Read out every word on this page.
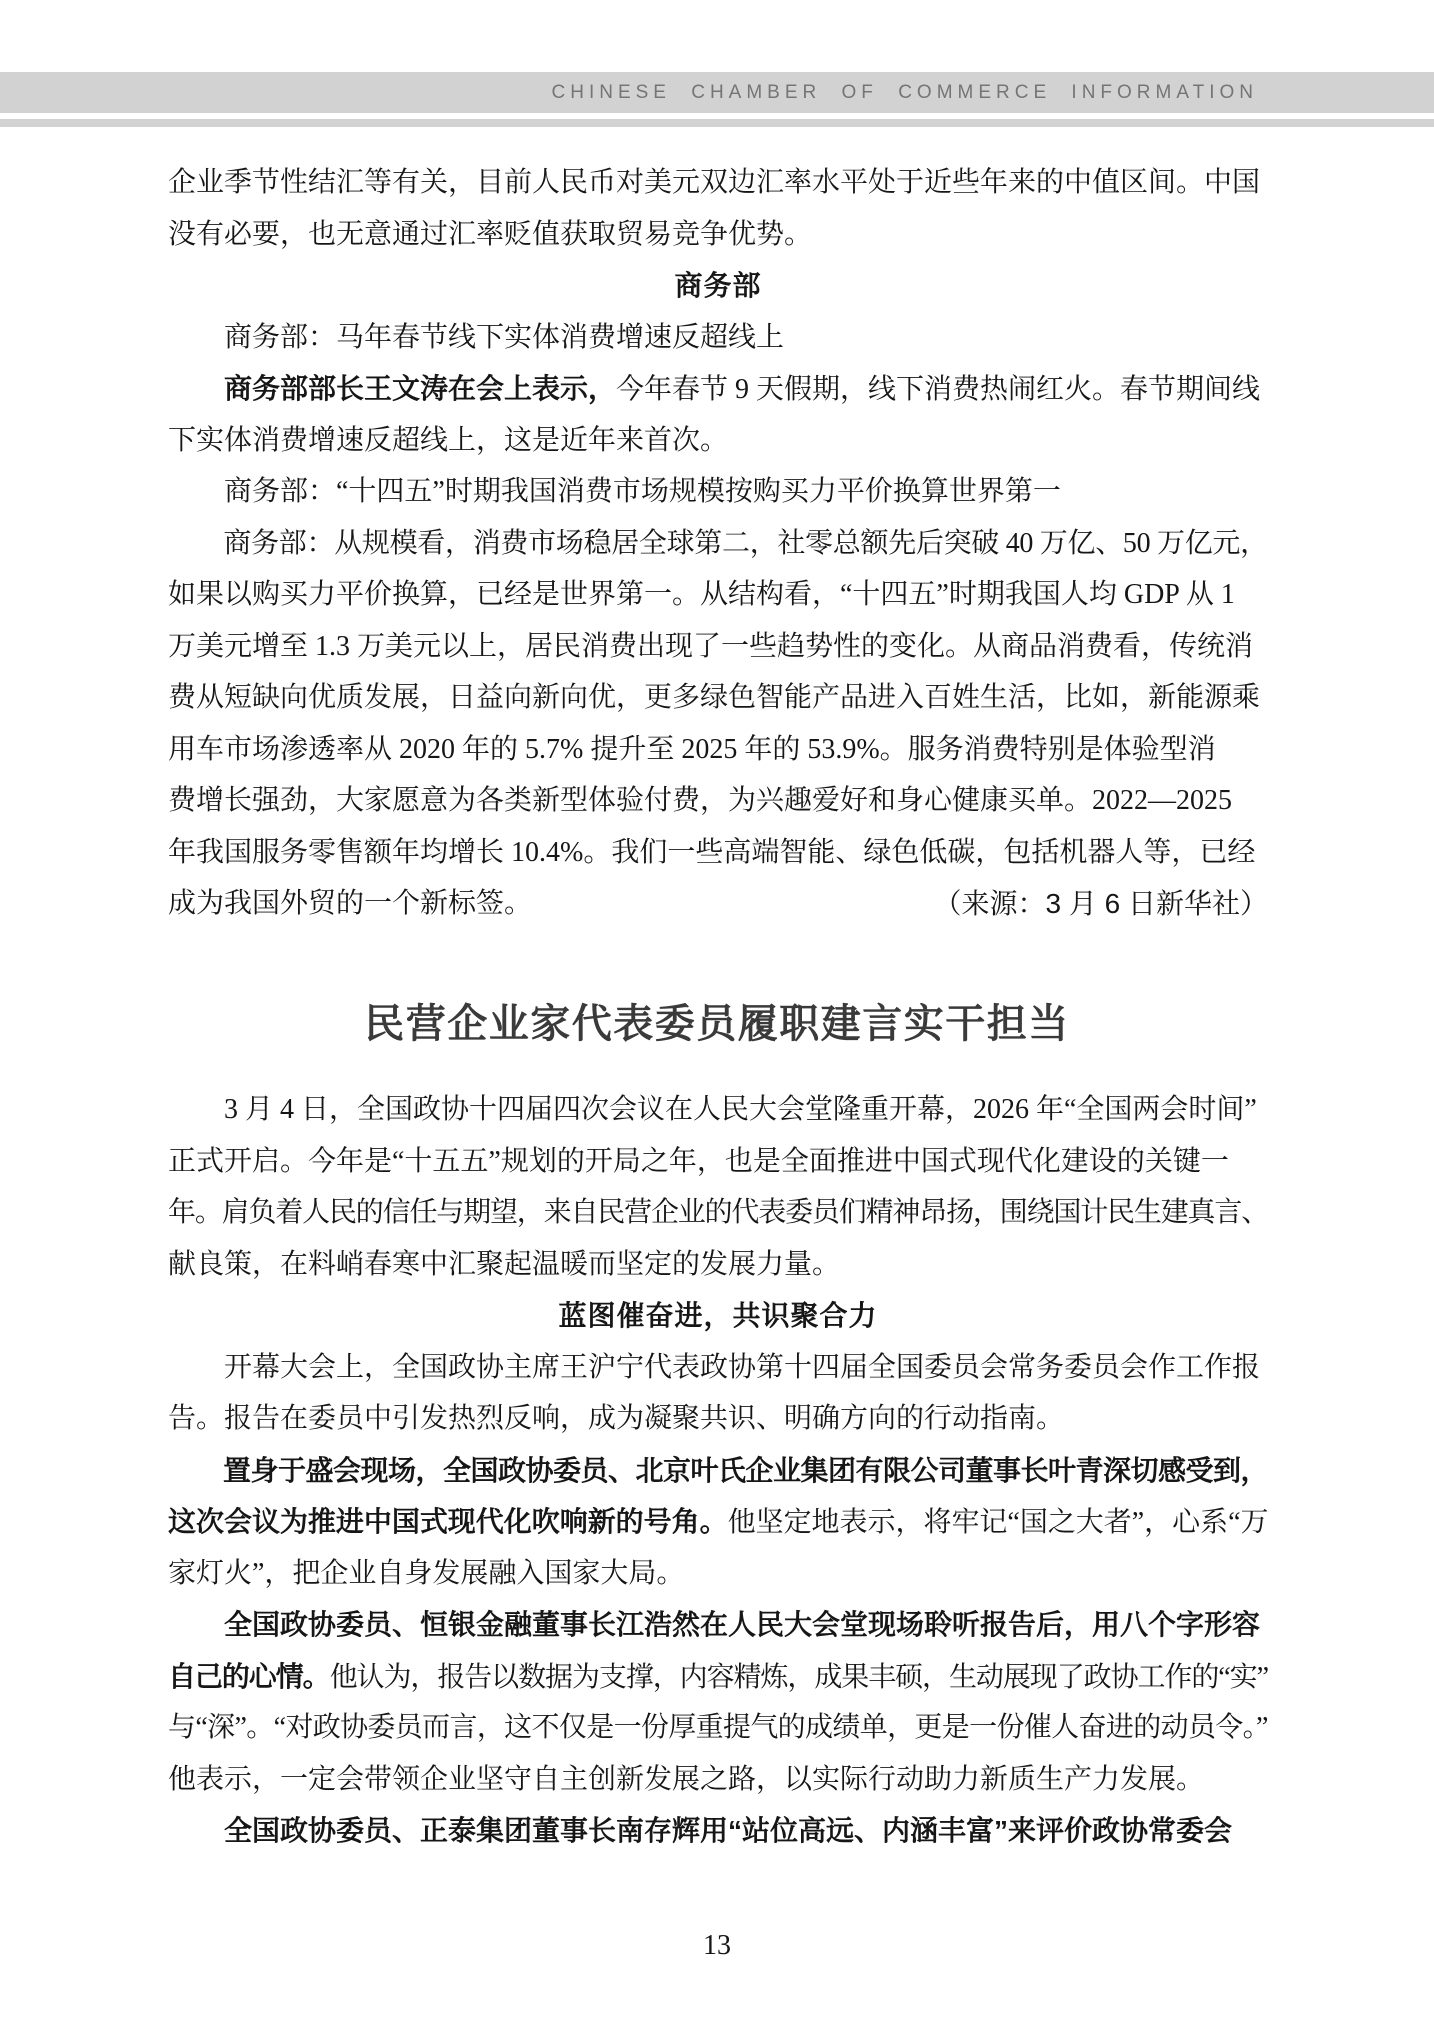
CHINESE CHAMBER OF COMMERCE INFORMATION
企业季节性结汇等有关，目前人民币对美元双边汇率水平处于近些年来的中值区间。中国
没有必要，也无意通过汇率贬值获取贸易竞争优势。
商务部
　　商务部：马年春节线下实体消费增速反超线上
　　商务部部长王文涛在会上表示，今年春节 9 天假期，线下消费热闹红火。春节期间线
下实体消费增速反超线上，这是近年来首次。
　　商务部：“十四五”时期我国消费市场规模按购买力平价换算世界第一
　　商务部：从规模看，消费市场稳居全球第二，社零总额先后突破 40 万亿、50 万亿元，
如果以购买力平价换算，已经是世界第一。从结构看，“十四五”时期我国人均 GDP 从 1
万美元增至 1.3 万美元以上，居民消费出现了一些趋势性的变化。从商品消费看，传统消
费从短缺向优质发展，日益向新向优，更多绿色智能产品进入百姓生活，比如，新能源乘
用车市场渗透率从 2020 年的 5.7% 提升至 2025 年的 53.9%。服务消费特别是体验型消
费增长强劲，大家愿意为各类新型体验付费，为兴趣爱好和身心健康买单。2022—2025
年我国服务零售额年均增长 10.4%。我们一些高端智能、绿色低碳，包括机器人等，已经
成为我国外贸的一个新标签。	（来源：3 月 6 日新华社）
民营企业家代表委员履职建言实干担当
　　3 月 4 日，全国政协十四届四次会议在人民大会堂隆重开幕，2026 年“全国两会时间”
正式开启。今年是“十五五”规划的开局之年，也是全面推进中国式现代化建设的关键一
年。肩负着人民的信任与期望，来自民营企业的代表委员们精神昂扬，围绕国计民生建真言、
献良策，在料峭春寒中汇聚起温暖而坚定的发展力量。
蓝图催奋进，共识聚合力
　　开幕大会上，全国政协主席王沪宁代表政协第十四届全国委员会常务委员会作工作报
告。报告在委员中引发热烈反响，成为凝聚共识、明确方向的行动指南。
　　置身于盛会现场，全国政协委员、北京叶氏企业集团有限公司董事长叶青深切感受到，
这次会议为推进中国式现代化吹响新的号角。他坚定地表示，将牢记“国之大者”，心系“万
家灯火”，把企业自身发展融入国家大局。
　　全国政协委员、恒银金融董事长江浩然在人民大会堂现场聆听报告后，用八个字形容
自己的心情。他认为，报告以数据为支撑，内容精炼，成果丰硕，生动展现了政协工作的“实”
与“深”。“对政协委员而言，这不仅是一份厚重提气的成绩单，更是一份催人奋进的动员令。”
他表示，一定会带领企业坚守自主创新发展之路，以实际行动助力新质生产力发展。
　　全国政协委员、正泰集团董事长南存辉用“站位高远、内涵丰富”来评价政协常委会
13
